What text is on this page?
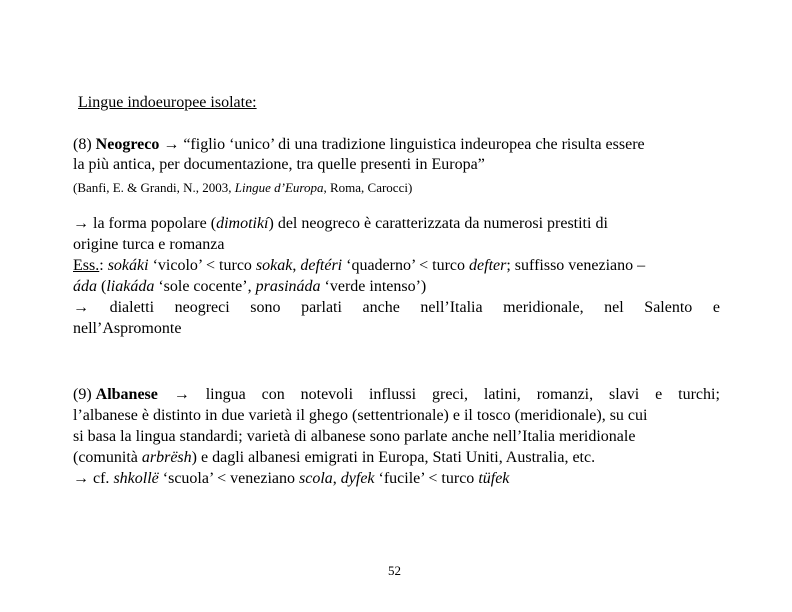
Lingue indoeuropee isolate:
(8) Neogreco → “figlio ‘unico’ di una tradizione linguistica indeuropea che risulta essere
la più antica, per documentazione, tra quelle presenti in Europa”
(Banfi, E. & Grandi, N., 2003, Lingue d’Europa, Roma, Carocci)
→ la forma popolare (dimotikí) del neogreco è caratterizzata da numerosi prestiti di
origine turca e romanza
Ess.: sokáki ‘vicolo’ < turco sokak, deftéri ‘quaderno’ < turco defter; suffisso veneziano –
áda (liakáda ‘sole cocente’, prasináda ‘verde intenso’)
→ dialetti neogreci sono parlati anche nell’Italia meridionale, nel Salento e
nell’Aspromonte
(9) Albanese → lingua con notevoli influssi greci, latini, romanzi, slavi e turchi;
l’albanese è distinto in due varietà il ghego (settentrionale) e il tosco (meridionale), su cui
si basa la lingua standardi; varietà di albanese sono parlate anche nell’Italia meridionale
(comunità arbrësh) e dagli albanesi emigrati in Europa, Stati Uniti, Australia, etc.
→ cf. shkollë ‘scuola’ < veneziano scola, dyfek ‘fucile’ < turco tüfek
52
